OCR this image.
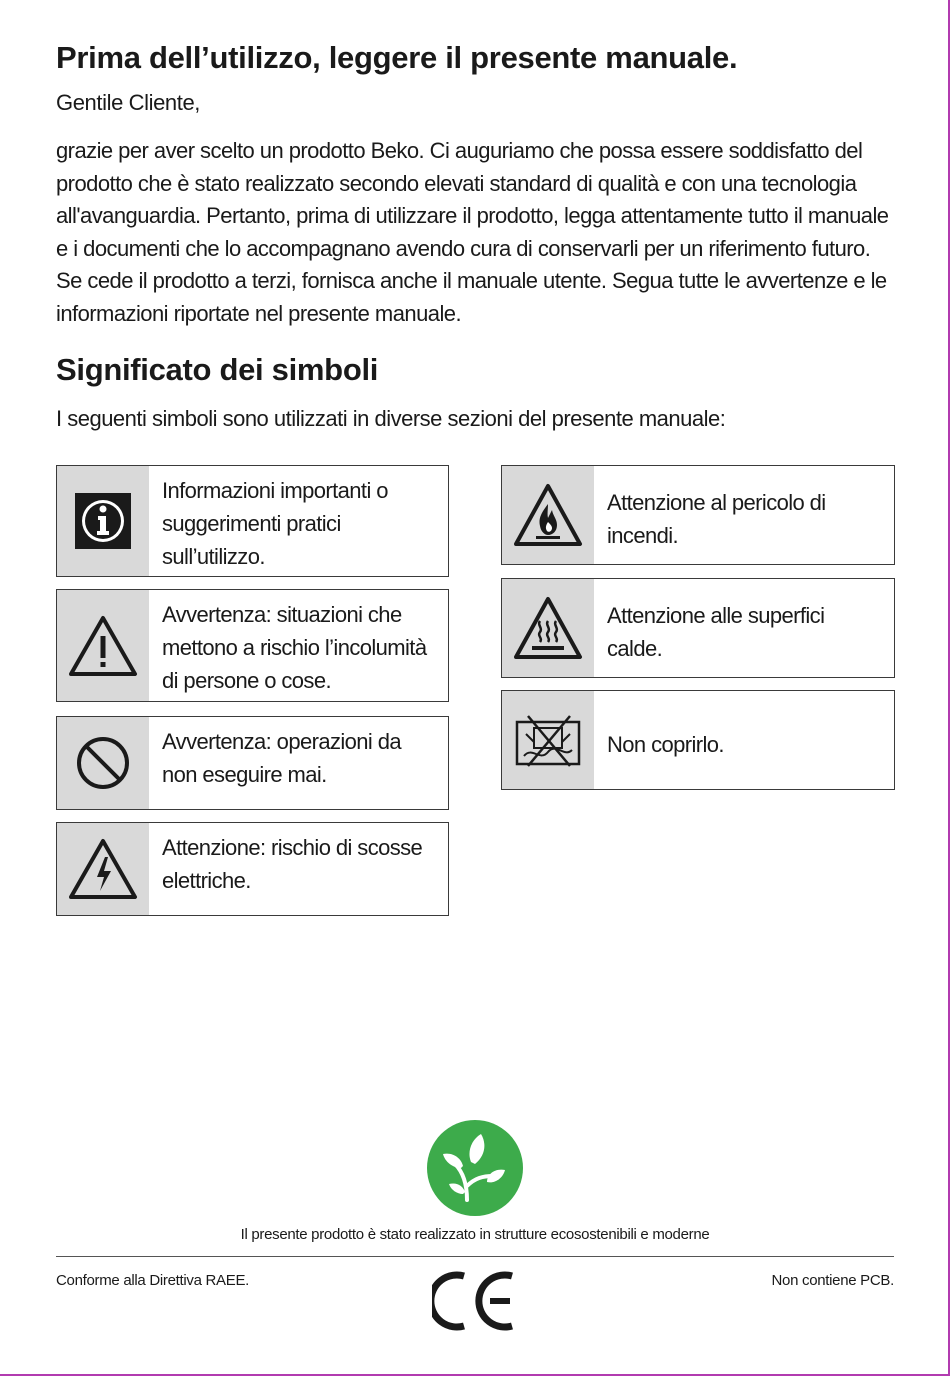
Prima dell’utilizzo, leggere il presente manuale.

Gentile Cliente,

grazie per aver scelto un prodotto Beko. Ci auguriamo che possa essere soddisfatto del prodotto che è stato realizzato secondo elevati standard di qualità e con una tecnologia all'avanguardia. Pertanto, prima di utilizzare il prodotto, legga attentamente tutto il manuale e i documenti che lo accompagnano avendo cura di conservarli per un riferimento futuro. Se cede il prodotto a terzi, fornisca anche il manuale utente. Segua tutte le avvertenze e le informazioni riportate nel presente manuale.

Significato dei simboli

I seguenti simboli sono utilizzati in diverse sezioni del presente manuale:

Informazioni importanti o suggerimenti pratici sull’utilizzo.
Avvertenza: situazioni che mettono a rischio l’incolumità di persone o cose.
Avvertenza: operazioni da non eseguire mai.
Attenzione: rischio di scosse elettriche.
Attenzione al pericolo di incendi.
Attenzione alle superfici calde.
Non coprirlo.

Il presente prodotto è stato realizzato in strutture ecosostenibili e moderne

Conforme alla Direttiva RAEE.	Non contiene PCB.
